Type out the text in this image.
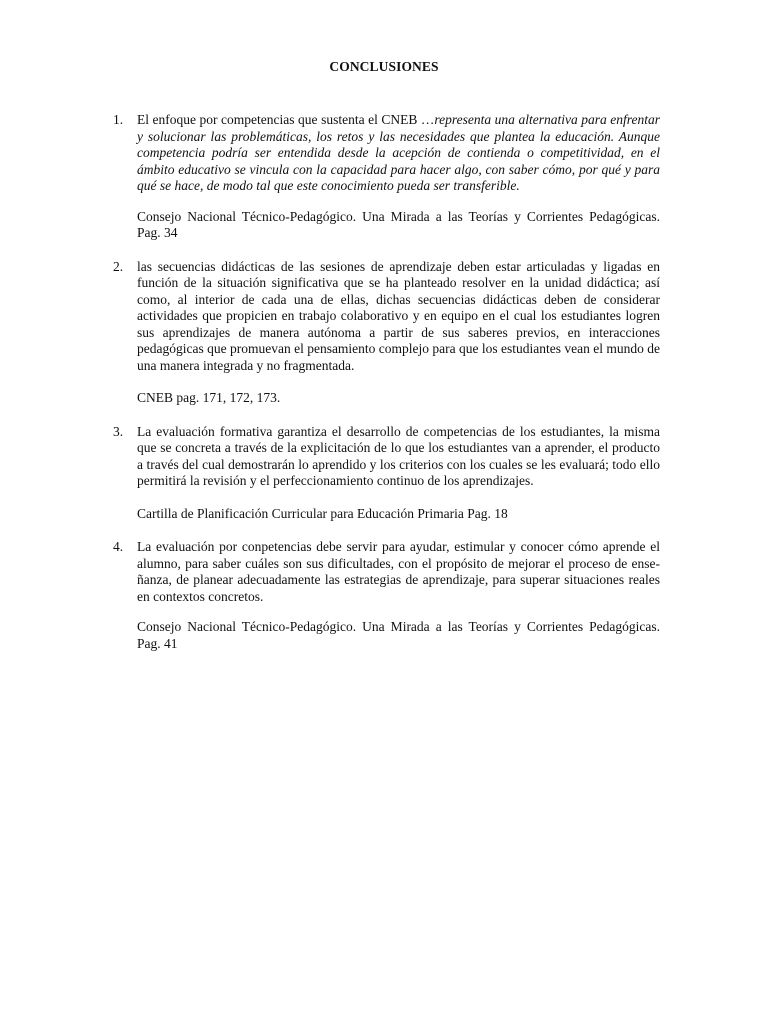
CONCLUSIONES
1. El enfoque por competencias que sustenta el CNEB …representa una alternativa para enfrentar y solucionar las problemáticas, los retos y las necesidades que plantea la educación. Aunque competencia podría ser entendida desde la acepción de contienda o competitividad, en el ámbito educativo se vincula con la capacidad para hacer algo, con saber cómo, por qué y para qué se hace, de modo tal que este conocimiento pueda ser transferible.
Consejo Nacional Técnico-Pedagógico. Una Mirada a las Teorías y Corrientes Pedagógicas. Pag. 34
2. las secuencias didácticas de las sesiones de aprendizaje deben estar articuladas y ligadas en función de la situación significativa que se ha planteado resolver en la unidad didáctica; así como, al interior de cada una de ellas, dichas secuencias didácticas deben de considerar actividades que propicien en trabajo colaborativo y en equipo en el cual los estudiantes logren sus aprendizajes de manera autónoma a partir de sus saberes previos, en interacciones pedagógicas que promuevan el pensamiento complejo para que los estudiantes vean el mundo de una manera integrada y no fragmentada.
CNEB pag. 171, 172, 173.
3. La evaluación formativa garantiza el desarrollo de competencias de los estudiantes, la misma que se concreta a través de la explicitación de lo que los estudiantes van a aprender, el producto a través del cual demostrarán lo aprendido y los criterios con los cuales se les evaluará; todo ello permitirá la revisión y el perfeccionamiento continuo de los aprendizajes.
Cartilla de Planificación Curricular para Educación Primaria Pag. 18
4. La evaluación por conpetencias debe servir para ayudar, estimular y conocer cómo aprende el alumno, para saber cuáles son sus dificultades, con el propósito de mejorar el proceso de ense-ñanza, de planear adecuadamente las estrategias de aprendizaje, para superar situaciones reales en contextos concretos.
Consejo Nacional Técnico-Pedagógico. Una Mirada a las Teorías y Corrientes Pedagógicas. Pag. 41
